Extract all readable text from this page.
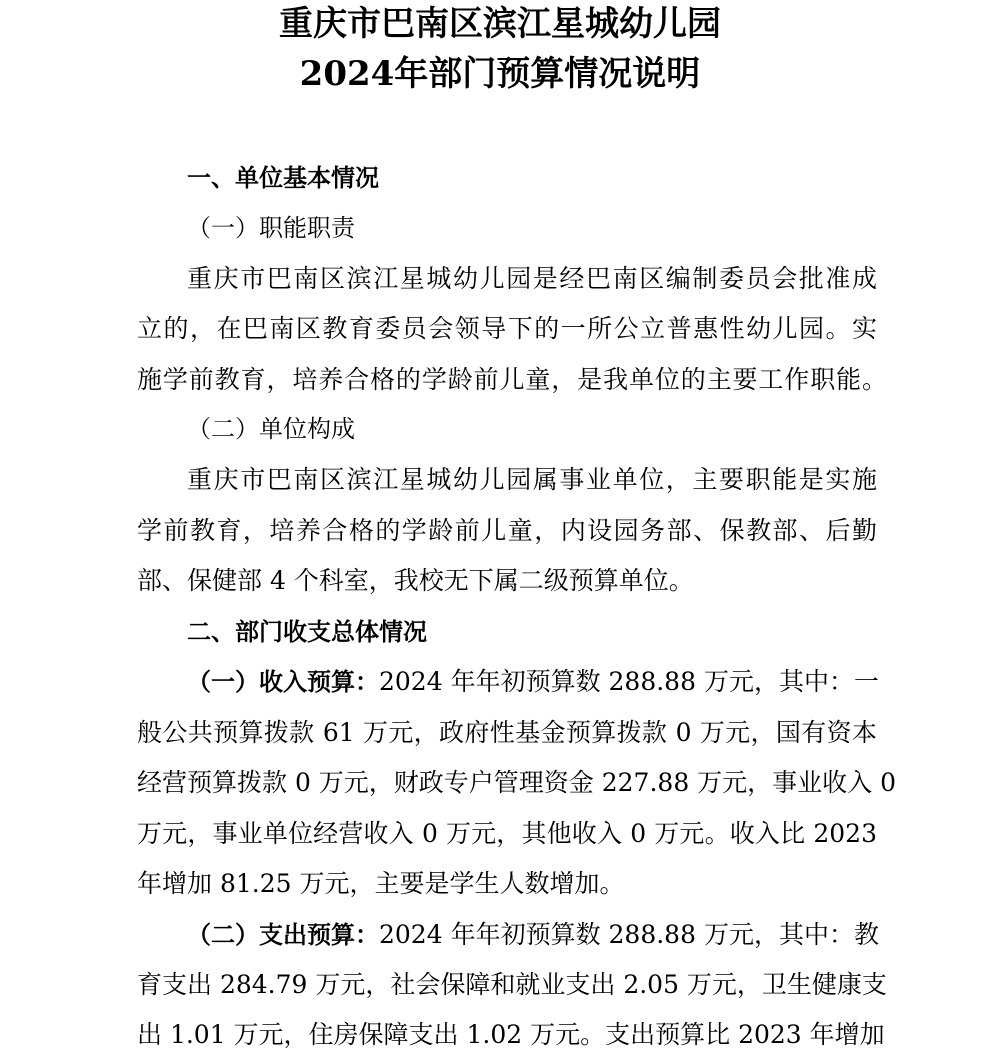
重庆市巴南区滨江星城幼儿园
2024年部门预算情况说明
一、单位基本情况
（一）职能职责
重庆市巴南区滨江星城幼儿园是经巴南区编制委员会批准成
立的，在巴南区教育委员会领导下的一所公立普惠性幼儿园。实
施学前教育，培养合格的学龄前儿童，是我单位的主要工作职能。
（二）单位构成
重庆市巴南区滨江星城幼儿园属事业单位，主要职能是实施
学前教育，培养合格的学龄前儿童，内设园务部、保教部、后勤
部、保健部 4 个科室，我校无下属二级预算单位。
二、部门收支总体情况
（一）收入预算： 2024 年年初预算数 288.88 万元，其中：一
般公共预算拨款 61 万元，政府性基金预算拨款 0 万元，国有资本
经营预算拨款 0 万元，财政专户管理资金 227.88 万元，事业收入 0
万元，事业单位经营收入 0 万元，其他收入 0 万元。收入比 2023
年增加 81.25 万元，主要是学生人数增加。
（二）支出预算： 2024 年年初预算数 288.88 万元，其中：教
育支出 284.79 万元，社会保障和就业支出 2.05 万元，卫生健康支
出 1.01 万元，住房保障支出 1.02 万元。支出预算比 2023 年增加
